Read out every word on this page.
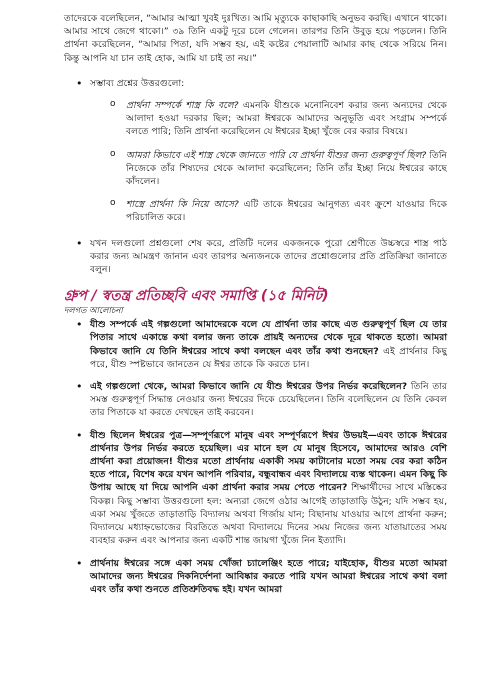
তাদেরকে বলেছিলেন, “আমার আত্মা খুবই দুঃখিত। আমি মৃত্যুকে কাছাকাছি অনুভব করছি। এখানে থাকো। আমার সাথে জেগে থাকো।” ৩৯ তিনি একটু দূরে চলে গেলেন। তারপর তিনি উবুড় হয়ে পড়লেন। তিনি প্রার্থনা করেছিলেন, “আমার পিতা, যদি সম্ভব হয়, এই কষ্টের পেয়ালাটি আমার কাছ থেকে সরিয়ে নিন। কিন্তু আপনি যা চান তাই হোক, আমি যা চাই তা নয়।”

• সম্ভাব্য প্রশ্নের উত্তরগুলো:
o প্রার্থনা সম্পর্কে শাস্ত্র কি বলে? এমনকি যীশুকে মনোনিবেশ করার জন্য অন্যদের থেকে আলাদা হওয়া দরকার ছিল; আমরা ঈশ্বরকে আমাদের অনুভূতি এবং সংগ্রাম সম্পর্কে বলতে পারি; তিনি প্রার্থনা করেছিলেন যে ঈশ্বরের ইচ্ছা খুঁজে বের করার বিষয়ে।
o আমরা কিভাবে এই শাস্ত্র থেকে জানতে পারি যে প্রার্থনা যীশুর জন্য গুরুত্বপূর্ণ ছিল? তিনি নিজেকে তাঁর শিষ্যদের থেকে আলাদা করেছিলেন; তিনি তাঁর ইচ্ছা নিয়ে ঈশ্বরের কাছে কাঁদলেন।
o শাস্ত্রে প্রার্থনা কি নিয়ে আসে? এটি তাকে ঈশ্বরের আনুগত্য এবং ক্রুশে যাওয়ার দিকে পরিচালিত করে।
• যখন দলগুলো প্রশ্নগুলো শেষ করে, প্রতিটি দলের একজনকে পুরো শ্রেণীতে উচ্চস্বরে শাস্ত্র পাঠ করার জন্য আমন্ত্রণ জানান এবং তারপর অন্যজনকে তাদের প্রশ্নোগুলোর প্রতি প্রতিক্রিয়া জানাতে বলুন।
গ্রুপ / স্বতন্ত্র প্রতিচ্ছবি এবং সমাপ্তি (১৫ মিনিট)

দলগত আলোচনা

• যীশু সম্পর্কে এই গল্পগুলো আমাদেরকে বলে যে প্রার্থনা তার কাছে এত গুরুত্বপূর্ণ ছিল যে তার পিতার সাথে একান্তে কথা বলার জন্য তাকে প্রায়ই অন্যদের থেকে দূরে থাকতে হতো। আমরা কিভাবে জানি যে তিনি ঈশ্বরের সাথে কথা বলছেন এবং তাঁর কথা শুনছেন? এই প্রার্থনার কিছু পরে, যীশু স্পষ্টভাবে জানতেন যে ঈশ্বর তাকে কি করতে চান।
• এই গল্পগুলো থেকে, আমরা কিভাবে জানি যে যীশু ঈশ্বরের উপর নির্ভর করেছিলেন? তিনি তার সমস্ত গুরুত্বপূর্ণ সিদ্ধান্ত নেওয়ার জন্য ঈশ্বরের দিকে চেয়েছিলেন। তিনি বলেছিলেন যে তিনি কেবল তার পিতাকে যা করতে দেখছেন তাই করবেন।
• যীশু ছিলেন ঈশ্বরের পুত্র—সম্পূর্ণরূপে মানুষ এবং সম্পূর্ণরূপে ঈশ্বর উভয়ই—এবং তাকে ঈশ্বরের প্রার্থনার উপর নির্ভর করতে হয়েছিল। এর মানে হল যে মানুষ হিসেবে, আমাদের আরও বেশি প্রার্থনা করা প্রয়োজন! যীশুর মতো প্রার্থনায় একাকী সময় কাটানোর মতো সময় বের করা কঠিন হতে পারে, বিশেষ করে যখন আপনি পরিবার, বন্ধুবান্ধব এবং বিদ্যালয়ে ব্যস্ত থাকেন। এমন কিছু কি উপায় আছে যা দিয়ে আপনি একা প্রার্থনা করার সময় পেতে পারেন? শিক্ষার্থীদের সাথে মস্তিষ্কের বিকল্প। কিছু সম্ভাব্য উত্তরগুলো হল: অন্যরা জেগে ওঠার আগেই তাড়াতাড়ি উঠুন; যদি সম্ভব হয়, একা সময় খুঁজতে তাড়াতাড়ি বিদ্যালয় অথবা গির্জায় যান; বিছানায় যাওয়ার আগে প্রার্থনা করুন; বিদ্যালয়ে মধ্যাহ্নভোজের বিরতিতে অথবা বিদ্যালয়ে দিনের সময় নিজের জন্য যাতায়াতের সময় ব্যবহার করুন এবং আপনার জন্য একটি শান্ত জায়গা খুঁজে নিন ইত্যাদি।
• প্রার্থনায় ঈশ্বরের সঙ্গে একা সময় খোঁজা চ্যালেঞ্জিং হতে পারে; যাইহোক, যীশুর মতো আমরা আমাদের জন্য ঈশ্বরের দিকনির্দেশনা আবিষ্কার করতে পারি যখন আমরা ঈশ্বরের সাথে কথা বলা এবং তাঁর কথা শুনতে প্রতিশ্রুতিবদ্ধ হই। যখন আমরা
